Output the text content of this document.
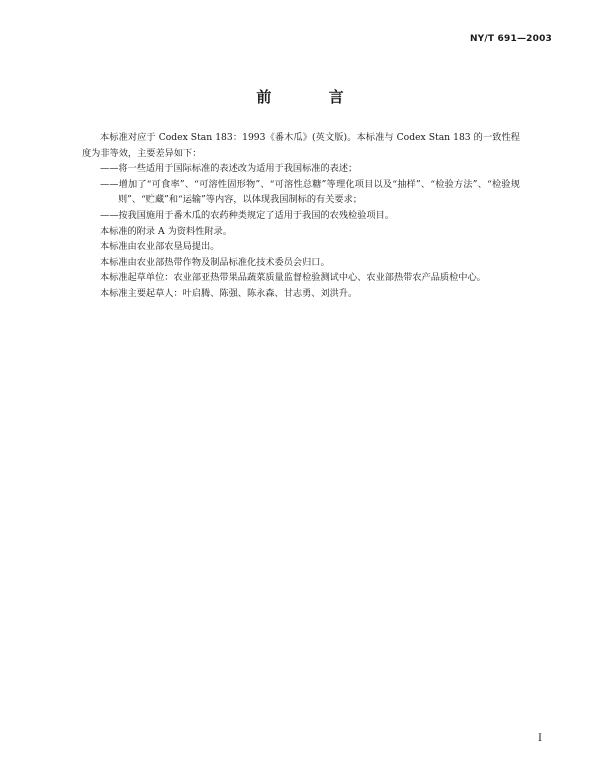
NY/T 691—2003
前 言

本标准对应于 Codex Stan 183：1993《番木瓜》(英文版)。本标准与 Codex Stan 183 的一致性程度为非等效，主要差异如下：

——将一些适用于国际标准的表述改为适用于我国标准的表述；

——增加了“可食率”、“可溶性固形物”、“可溶性总糖”等理化项目以及“抽样”、“检验方法”、“检验规则”、“贮藏”和“运输”等内容，以体现我国制标的有关要求；

——按我国施用于番木瓜的农药种类规定了适用于我国的农残检验项目。

本标准的附录 A 为资料性附录。

本标准由农业部农垦局提出。

本标准由农业部热带作物及制品标准化技术委员会归口。

本标准起草单位：农业部亚热带果品蔬菜质量监督检验测试中心、农业部热带农产品质检中心。

本标准主要起草人：叶启腾、陈强、陈永森、甘志勇、刘洪升。

I
